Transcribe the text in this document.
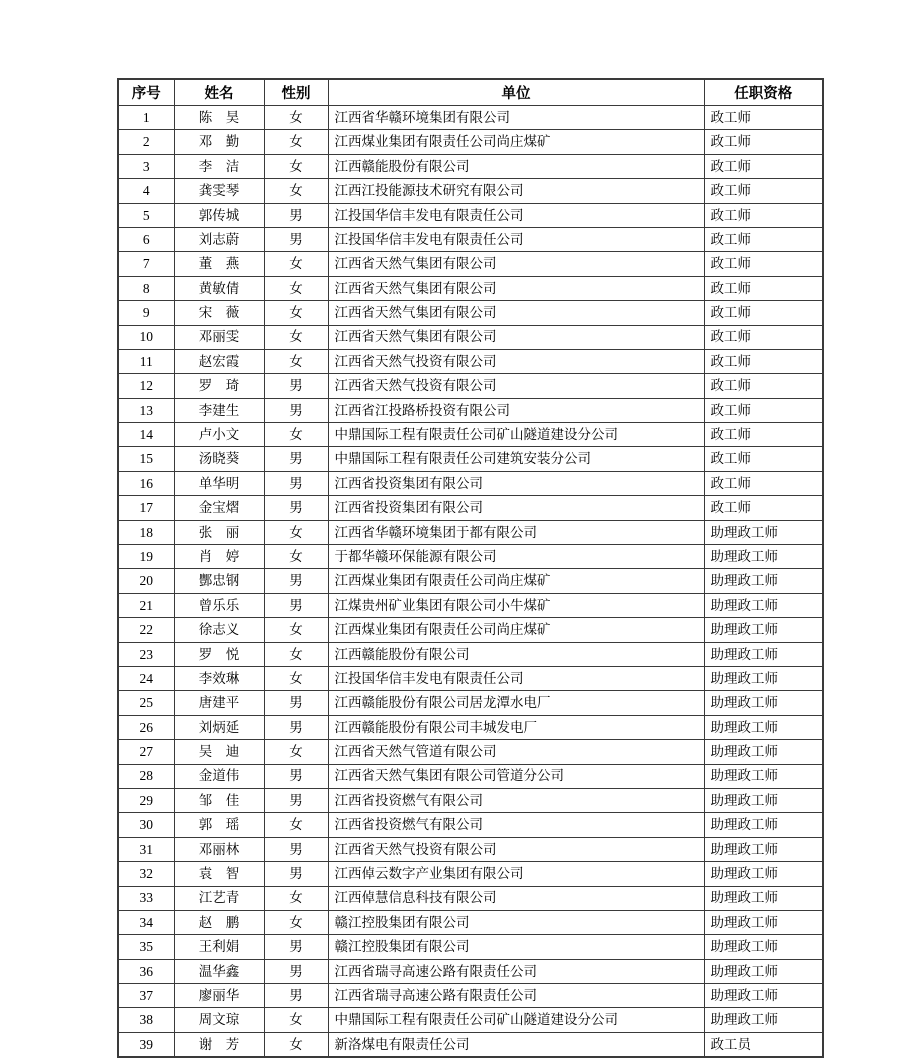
序号	姓名	性别	单位	任职资格
1	陈　昊	女	江西省华赣环境集团有限公司	政工师
2	邓　勤	女	江西煤业集团有限责任公司尚庄煤矿	政工师
3	李　洁	女	江西赣能股份有限公司	政工师
4	龚雯琴	女	江西江投能源技术研究有限公司	政工师
5	郭传城	男	江投国华信丰发电有限责任公司	政工师
6	刘志蔚	男	江投国华信丰发电有限责任公司	政工师
7	董　燕	女	江西省天然气集团有限公司	政工师
8	黄敏倩	女	江西省天然气集团有限公司	政工师
9	宋　薇	女	江西省天然气集团有限公司	政工师
10	邓丽雯	女	江西省天然气集团有限公司	政工师
11	赵宏霞	女	江西省天然气投资有限公司	政工师
12	罗　琦	男	江西省天然气投资有限公司	政工师
13	李建生	男	江西省江投路桥投资有限公司	政工师
14	卢小文	女	中鼎国际工程有限责任公司矿山隧道建设分公司	政工师
15	汤晓葵	男	中鼎国际工程有限责任公司建筑安装分公司	政工师
16	单华明	男	江西省投资集团有限公司	政工师
17	金宝熠	男	江西省投资集团有限公司	政工师
18	张　丽	女	江西省华赣环境集团于都有限公司	助理政工师
19	肖　婷	女	于都华赣环保能源有限公司	助理政工师
20	酆忠钢	男	江西煤业集团有限责任公司尚庄煤矿	助理政工师
21	曾乐乐	男	江煤贵州矿业集团有限公司小牛煤矿	助理政工师
22	徐志义	女	江西煤业集团有限责任公司尚庄煤矿	助理政工师
23	罗　悦	女	江西赣能股份有限公司	助理政工师
24	李效琳	女	江投国华信丰发电有限责任公司	助理政工师
25	唐建平	男	江西赣能股份有限公司居龙潭水电厂	助理政工师
26	刘炳延	男	江西赣能股份有限公司丰城发电厂	助理政工师
27	吴　迪	女	江西省天然气管道有限公司	助理政工师
28	金道伟	男	江西省天然气集团有限公司管道分公司	助理政工师
29	邹　佳	男	江西省投资燃气有限公司	助理政工师
30	郭　瑶	女	江西省投资燃气有限公司	助理政工师
31	邓丽林	男	江西省天然气投资有限公司	助理政工师
32	袁　智	男	江西倬云数字产业集团有限公司	助理政工师
33	江艺青	女	江西倬慧信息科技有限公司	助理政工师
34	赵　鹏	女	赣江控股集团有限公司	助理政工师
35	王利娟	男	赣江控股集团有限公司	助理政工师
36	温华鑫	男	江西省瑞寻高速公路有限责任公司	助理政工师
37	廖丽华	男	江西省瑞寻高速公路有限责任公司	助理政工师
38	周文琼	女	中鼎国际工程有限责任公司矿山隧道建设分公司	助理政工师
39	谢　芳	女	新洛煤电有限责任公司	政工员
